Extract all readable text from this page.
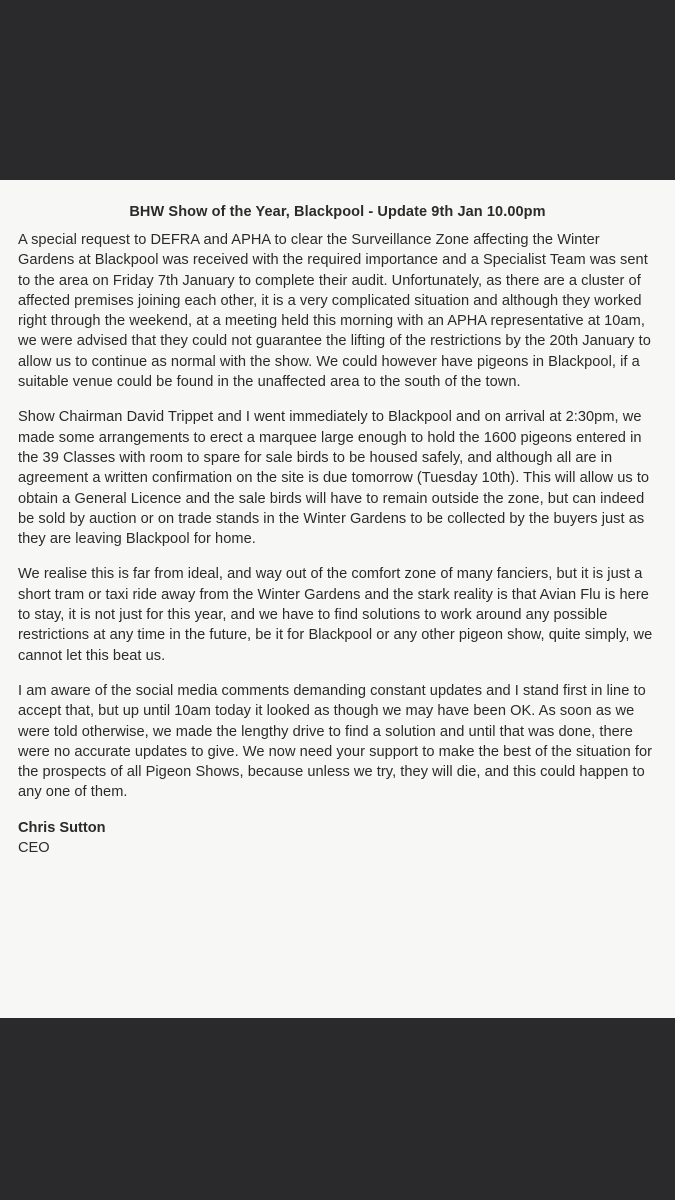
BHW Show of the Year, Blackpool - Update 9th Jan 10.00pm

A special request to DEFRA and APHA to clear the Surveillance Zone affecting the Winter Gardens at Blackpool was received with the required importance and a Specialist Team was sent to the area on Friday 7th January to complete their audit. Unfortunately, as there are a cluster of affected premises joining each other, it is a very complicated situation and although they worked right through the weekend, at a meeting held this morning with an APHA representative at 10am, we were advised that they could not guarantee the lifting of the restrictions by the 20th January to allow us to continue as normal with the show. We could however have pigeons in Blackpool, if a suitable venue could be found in the unaffected area to the south of the town.

Show Chairman David Trippet and I went immediately to Blackpool and on arrival at 2:30pm, we made some arrangements to erect a marquee large enough to hold the 1600 pigeons entered in the 39 Classes with room to spare for sale birds to be housed safely, and although all are in agreement a written confirmation on the site is due tomorrow (Tuesday 10th). This will allow us to obtain a General Licence and the sale birds will have to remain outside the zone, but can indeed be sold by auction or on trade stands in the Winter Gardens to be collected by the buyers just as they are leaving Blackpool for home.

We realise this is far from ideal, and way out of the comfort zone of many fanciers, but it is just a short tram or taxi ride away from the Winter Gardens and the stark reality is that Avian Flu is here to stay, it is not just for this year, and we have to find solutions to work around any possible restrictions at any time in the future, be it for Blackpool or any other pigeon show, quite simply, we cannot let this beat us.

I am aware of the social media comments demanding constant updates and I stand first in line to accept that, but up until 10am today it looked as though we may have been OK. As soon as we were told otherwise, we made the lengthy drive to find a solution and until that was done, there were no accurate updates to give. We now need your support to make the best of the situation for the prospects of all Pigeon Shows, because unless we try, they will die, and this could happen to any one of them.

Chris Sutton
CEO
